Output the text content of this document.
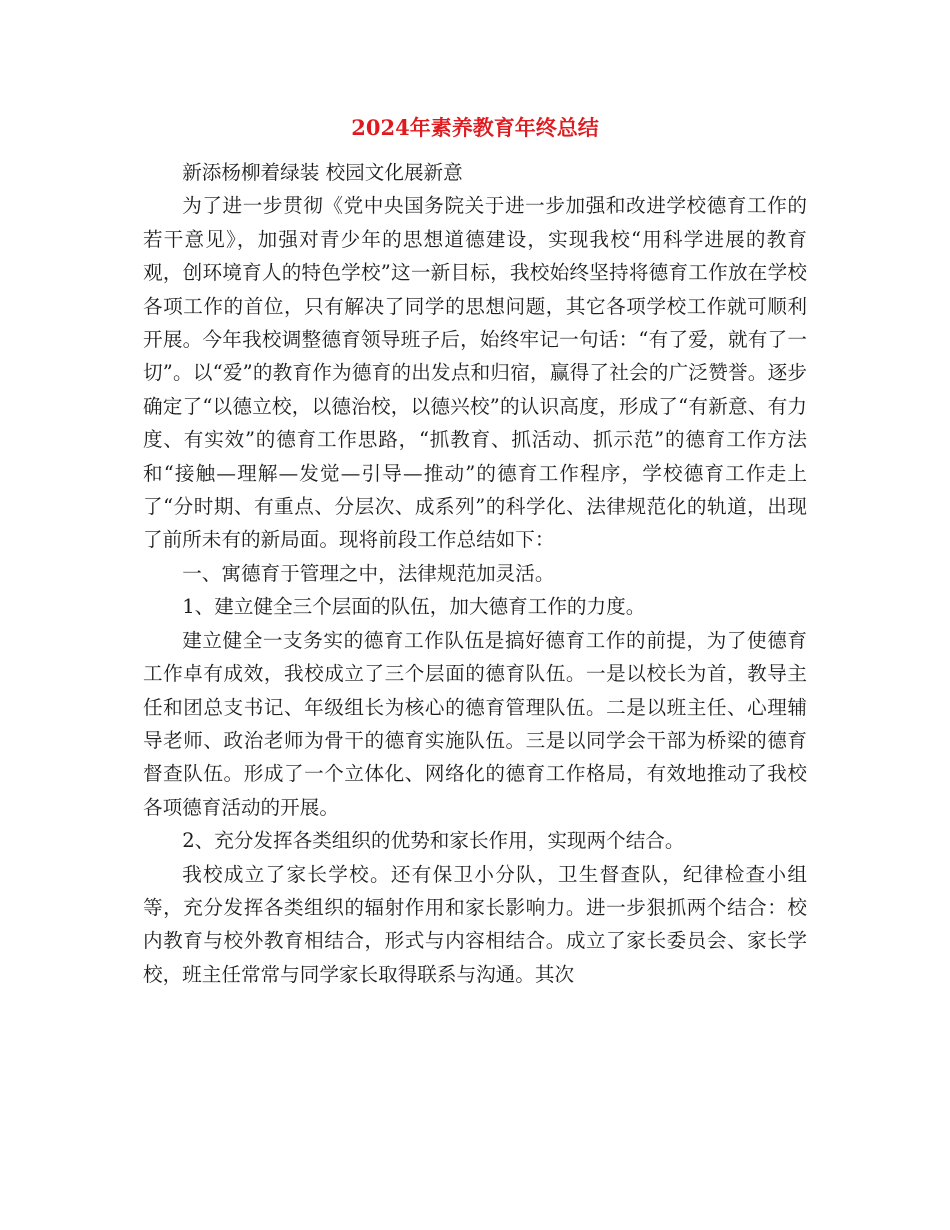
2024年素养教育年终总结

新添杨柳着绿装 校园文化展新意

为了进一步贯彻《党中央国务院关于进一步加强和改进学校德育工作的若干意见》，加强对青少年的思想道德建设，实现我校“用科学进展的教育观，创环境育人的特色学校”这一新目标，我校始终坚持将德育工作放在学校各项工作的首位，只有解决了同学的思想问题，其它各项学校工作就可顺利开展。今年我校调整德育领导班子后，始终牢记一句话：“有了爱，就有了一切”。以“爱”的教育作为德育的出发点和归宿，赢得了社会的广泛赞誉。逐步确定了“以德立校，以德治校，以德兴校”的认识高度，形成了“有新意、有力度、有实效”的德育工作思路，“抓教育、抓活动、抓示范”的德育工作方法和“接触—理解—发觉—引导—推动”的德育工作程序，学校德育工作走上了“分时期、有重点、分层次、成系列”的科学化、法律规范化的轨道，出现了前所未有的新局面。现将前段工作总结如下：

一、寓德育于管理之中，法律规范加灵活。

1、建立健全三个层面的队伍，加大德育工作的力度。

建立健全一支务实的德育工作队伍是搞好德育工作的前提，为了使德育工作卓有成效，我校成立了三个层面的德育队伍。一是以校长为首，教导主任和团总支书记、年级组长为核心的德育管理队伍。二是以班主任、心理辅导老师、政治老师为骨干的德育实施队伍。三是以同学会干部为桥梁的德育督查队伍。形成了一个立体化、网络化的德育工作格局，有效地推动了我校各项德育活动的开展。

2、充分发挥各类组织的优势和家长作用，实现两个结合。

我校成立了家长学校。还有保卫小分队，卫生督查队，纪律检查小组等，充分发挥各类组织的辐射作用和家长影响力。进一步狠抓两个结合：校内教育与校外教育相结合，形式与内容相结合。成立了家长委员会、家长学校，班主任常常与同学家长取得联系与沟通。其次
